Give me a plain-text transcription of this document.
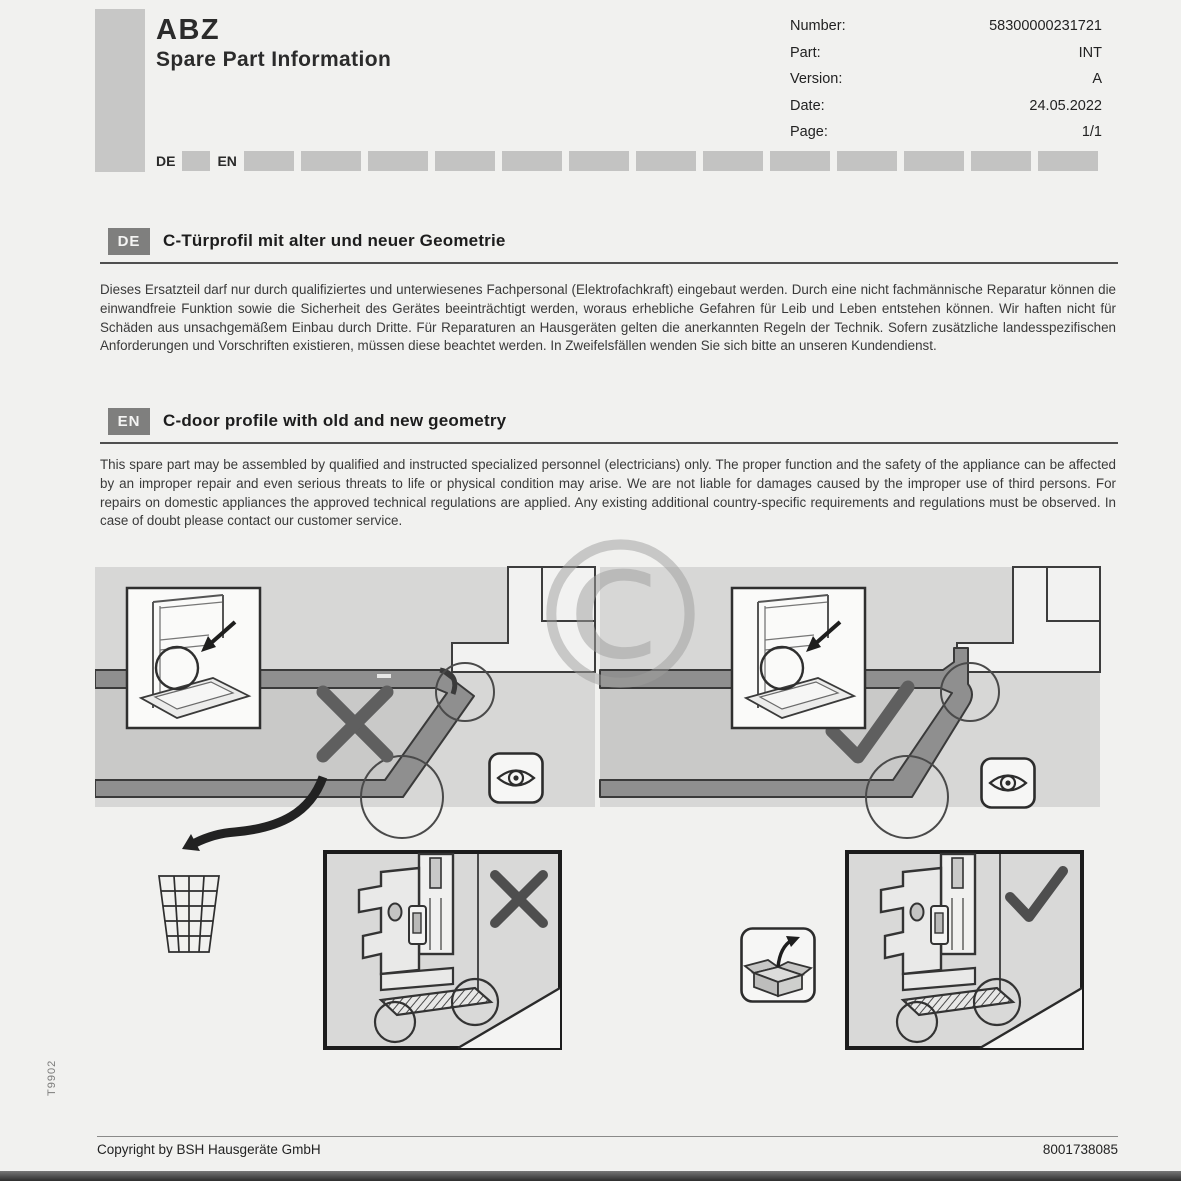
ABZ
Spare Part Information
Number:	58300000231721
Part:	INT
Version:	A
Date:	24.05.2022
Page:	1/1
DE	EN
DE	C-Türprofil mit alter und neuer Geometrie
Dieses Ersatzteil darf nur durch qualifiziertes und unterwiesenes Fachpersonal (Elektrofachkraft) eingebaut werden. Durch eine nicht fachmännische Reparatur können die einwandfreie Funktion sowie die Sicherheit des Gerätes beeinträchtigt werden, woraus erhebliche Gefahren für Leib und Leben entstehen können. Wir haften nicht für Schäden aus unsachgemäßem Einbau durch Dritte. Für Reparaturen an Hausgeräten gelten die anerkannten Regeln der Technik. Sofern zusätzliche landesspezifischen Anforderungen und Vorschriften existieren, müssen diese beachtet werden. In Zweifelsfällen wenden Sie sich bitte an unseren Kundendienst.
EN	C-door profile with old and new geometry
This spare part may be assembled by qualified and instructed specialized personnel (electricians) only. The proper function and the safety of the appliance can be affected by an improper repair and even serious threats to life or physical condition may arise. We are not liable for damages caused by the improper use of third persons. For repairs on domestic appliances the approved technical regulations are applied. Any existing additional country-specific requirements and regulations must be observed. In case of doubt please contact our customer service. ©
T9902
Copyright by BSH Hausgeräte GmbH	8001738085
